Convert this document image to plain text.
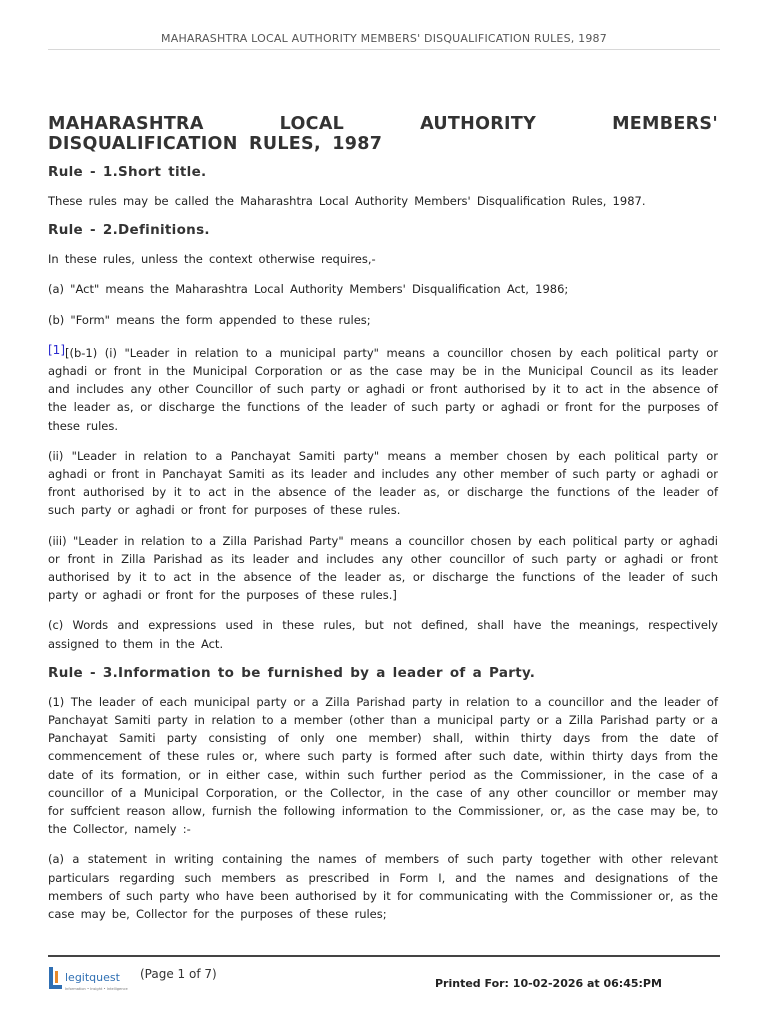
MAHARASHTRA LOCAL AUTHORITY MEMBERS' DISQUALIFICATION RULES, 1987
MAHARASHTRA LOCAL AUTHORITY MEMBERS' DISQUALIFICATION RULES, 1987
Rule - 1.Short title.

These rules may be called the Maharashtra Local Authority Members' Disqualification Rules, 1987.

Rule - 2.Definitions.

In these rules, unless the context otherwise requires,-

(a) "Act" means the Maharashtra Local Authority Members' Disqualification Act, 1986;

(b) "Form" means the form appended to these rules;

[1][(b-1) (i) "Leader in relation to a municipal party" means a councillor chosen by each political party or aghadi or front in the Municipal Corporation or as the case may be in the Municipal Council as its leader and includes any other Councillor of such party or aghadi or front authorised by it to act in the absence of the leader as, or discharge the functions of the leader of such party or aghadi or front for the purposes of these rules.

(ii) "Leader in relation to a Panchayat Samiti party" means a member chosen by each political party or aghadi or front in Panchayat Samiti as its leader and includes any other member of such party or aghadi or front authorised by it to act in the absence of the leader as, or discharge the functions of the leader of such party or aghadi or front for purposes of these rules.

(iii) "Leader in relation to a Zilla Parishad Party" means a councillor chosen by each political party or aghadi or front in Zilla Parishad as its leader and includes any other councillor of such party or aghadi or front authorised by it to act in the absence of the leader as, or discharge the functions of the leader of such party or aghadi or front for the purposes of these rules.]

(c) Words and expressions used in these rules, but not defined, shall have the meanings, respectively assigned to them in the Act.

Rule - 3.Information to be furnished by a leader of a Party.

(1) The leader of each municipal party or a Zilla Parishad party in relation to a councillor and the leader of Panchayat Samiti party in relation to a member (other than a municipal party or a Zilla Parishad party or a Panchayat Samiti party consisting of only one member) shall, within thirty days from the date of commencement of these rules or, where such party is formed after such date, within thirty days from the date of its formation, or in either case, within such further period as the Commissioner, in the case of a councillor of a Municipal Corporation, or the Collector, in the case of any other councillor or member may for suffcient reason allow, furnish the following information to the Commissioner, or, as the case may be, to the Collector, namely :-

(a) a statement in writing containing the names of members of such party together with other relevant particulars regarding such members as prescribed in Form I, and the names and designations of the members of such party who have been authorised by it for communicating with the Commissioner or, as the case may be, Collector for the purposes of these rules;

legitquest
Information • Insight • Intelligence
(Page 1 of 7)
Printed For: 10-02-2026 at 06:45:PM
